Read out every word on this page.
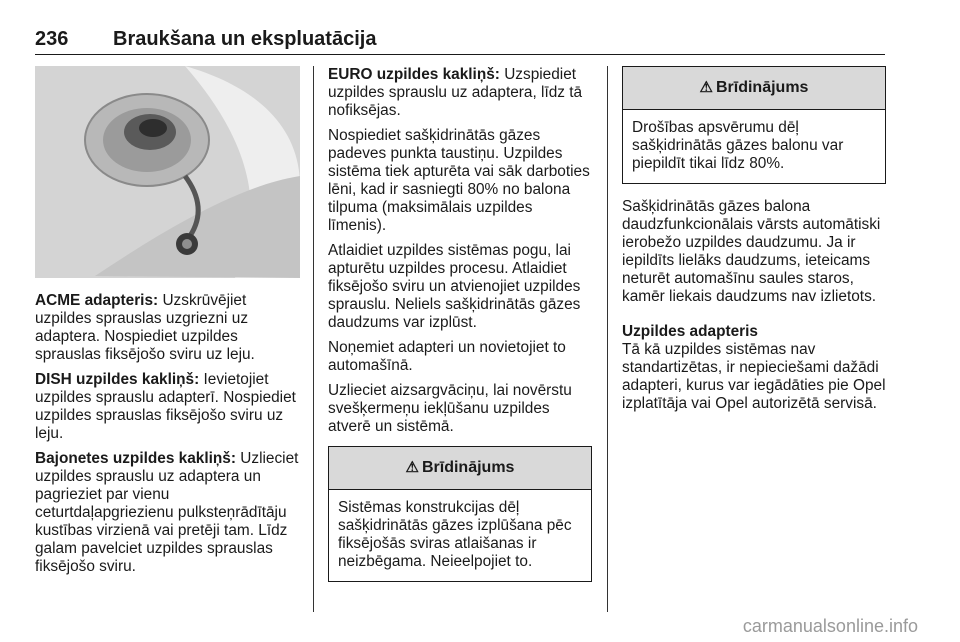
236 Braukšana un ekspluatācija

ACME adapteris: Uzskrūvējiet uzpildes sprauslas uzgriezni uz adaptera. Nospiediet uzpildes sprauslas fiksējošo sviru uz leju.

DISH uzpildes kakliņš: Ievietojiet uzpildes sprauslu adapterī. Nospiediet uzpildes sprauslas fiksējošo sviru uz leju.

Bajonetes uzpildes kakliņš: Uzlieciet uzpildes sprauslu uz adaptera un pagrieziet par vienu ceturtdaļapgriezienu pulksteņrādītāju kustības virzienā vai pretēji tam. Līdz galam pavelciet uzpildes sprauslas fiksējošo sviru.

EURO uzpildes kakliņš: Uzspiediet uzpildes sprauslu uz adaptera, līdz tā nofiksējas.

Nospiediet sašķidrinātās gāzes padeves punkta taustiņu. Uzpildes sistēma tiek apturēta vai sāk darboties lēni, kad ir sasniegti 80% no balona tilpuma (maksimālais uzpildes līmenis).

Atlaidiet uzpildes sistēmas pogu, lai apturētu uzpildes procesu. Atlaidiet fiksējošo sviru un atvienojiet uzpildes sprauslu. Neliels sašķidrinātās gāzes daudzums var izplūst.

Noņemiet adapteri un novietojiet to automašīnā.

Uzlieciet aizsargvāciņu, lai novērstu svešķermeņu iekļūšanu uzpildes atverē un sistēmā.

⚠ Brīdinājums
Sistēmas konstrukcijas dēļ sašķidrinātās gāzes izplūšana pēc fiksējošās sviras atlaišanas ir neizbēgama. Neieelpojiet to.
⚠ Brīdinājums
Drošības apsvērumu dēļ sašķidrinātās gāzes balonu var piepildīt tikai līdz 80%.

Sašķidrinātās gāzes balona daudzfunkcionālais vārsts automātiski ierobežo uzpildes daudzumu. Ja ir iepildīts lielāks daudzums, ieteicams neturēt automašīnu saules staros, kamēr liekais daudzums nav izlietots.

Uzpildes adapteris

Tā kā uzpildes sistēmas nav standartizētas, ir nepieciešami dažādi adapteri, kurus var iegādāties pie Opel izplatītāja vai Opel autorizētā servisā.

carmanualsonline.info
